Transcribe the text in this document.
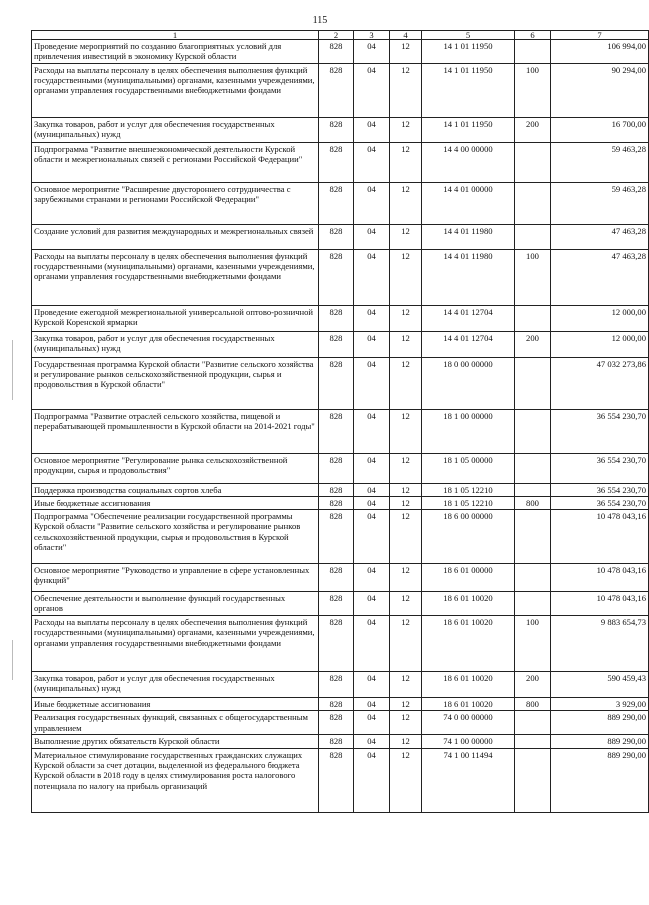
115
1	2	3	4	5	6	7
Проведение мероприятий по созданию благоприятных условий для привлечения инвестиций в экономику Курской области	828	04	12	14 1 01 11950		106 994,00
Расходы на выплаты персоналу в целях обеспечения выполнения функций государственными (муниципальными) органами, казенными учреждениями, органами управления государственными внебюджетными фондами	828	04	12	14 1 01 11950	100	90 294,00
Закупка товаров, работ и услуг для обеспечения государственных (муниципальных) нужд	828	04	12	14 1 01 11950	200	16 700,00
Подпрограмма "Развитие внешнеэкономической деятельности Курской области и межрегиональных связей с регионами Российской Федерации"	828	04	12	14 4 00 00000		59 463,28
Основное мероприятие "Расширение двустороннего сотрудничества с зарубежными странами и регионами Российской Федерации"	828	04	12	14 4 01 00000		59 463,28
Создание условий для развития международных и межрегиональных связей	828	04	12	14 4 01 11980		47 463,28
Расходы на выплаты персоналу в целях обеспечения выполнения функций государственными (муниципальными) органами, казенными учреждениями, органами управления государственными внебюджетными фондами	828	04	12	14 4 01 11980	100	47 463,28
Проведение ежегодной межрегиональной универсальной оптово-розничной Курской Коренской ярмарки	828	04	12	14 4 01 12704		12 000,00
Закупка товаров, работ и услуг для обеспечения государственных (муниципальных) нужд	828	04	12	14 4 01 12704	200	12 000,00
Государственная программа Курской области "Развитие сельского хозяйства и регулирование рынков сельскохозяйственной продукции, сырья и продовольствия в Курской области"	828	04	12	18 0 00 00000		47 032 273,86
Подпрограмма "Развитие отраслей сельского хозяйства, пищевой и перерабатывающей промышленности в Курской области на 2014-2021 годы"	828	04	12	18 1 00 00000		36 554 230,70
Основное мероприятие "Регулирование рынка сельскохозяйственной продукции, сырья и продовольствия"	828	04	12	18 1 05 00000		36 554 230,70
Поддержка производства социальных сортов хлеба	828	04	12	18 1 05 12210		36 554 230,70
Иные бюджетные ассигнования	828	04	12	18 1 05 12210	800	36 554 230,70
Подпрограмма "Обеспечение реализации государственной программы Курской области "Развитие сельского хозяйства и регулирование рынков сельскохозяйственной продукции, сырья и продовольствия в Курской области"	828	04	12	18 6 00 00000		10 478 043,16
Основное мероприятие "Руководство и управление в сфере установленных функций"	828	04	12	18 6 01 00000		10 478 043,16
Обеспечение деятельности и выполнение функций государственных органов	828	04	12	18 6 01 10020		10 478 043,16
Расходы на выплаты персоналу в целях обеспечения выполнения функций государственными (муниципальными) органами, казенными учреждениями, органами управления государственными внебюджетными фондами	828	04	12	18 6 01 10020	100	9 883 654,73
Закупка товаров, работ и услуг для обеспечения государственных (муниципальных) нужд	828	04	12	18 6 01 10020	200	590 459,43
Иные бюджетные ассигнования	828	04	12	18 6 01 10020	800	3 929,00
Реализация государственных функций, связанных с общегосударственным управлением	828	04	12	74 0 00 00000		889 290,00
Выполнение других обязательств Курской области	828	04	12	74 1 00 00000		889 290,00
Материальное стимулирование государственных гражданских служащих Курской области за счет дотации, выделенной из федерального бюджета Курской области в 2018 году в целях стимулирования роста налогового потенциала по налогу на прибыль организаций	828	04	12	74 1 00 11494		889 290,00
